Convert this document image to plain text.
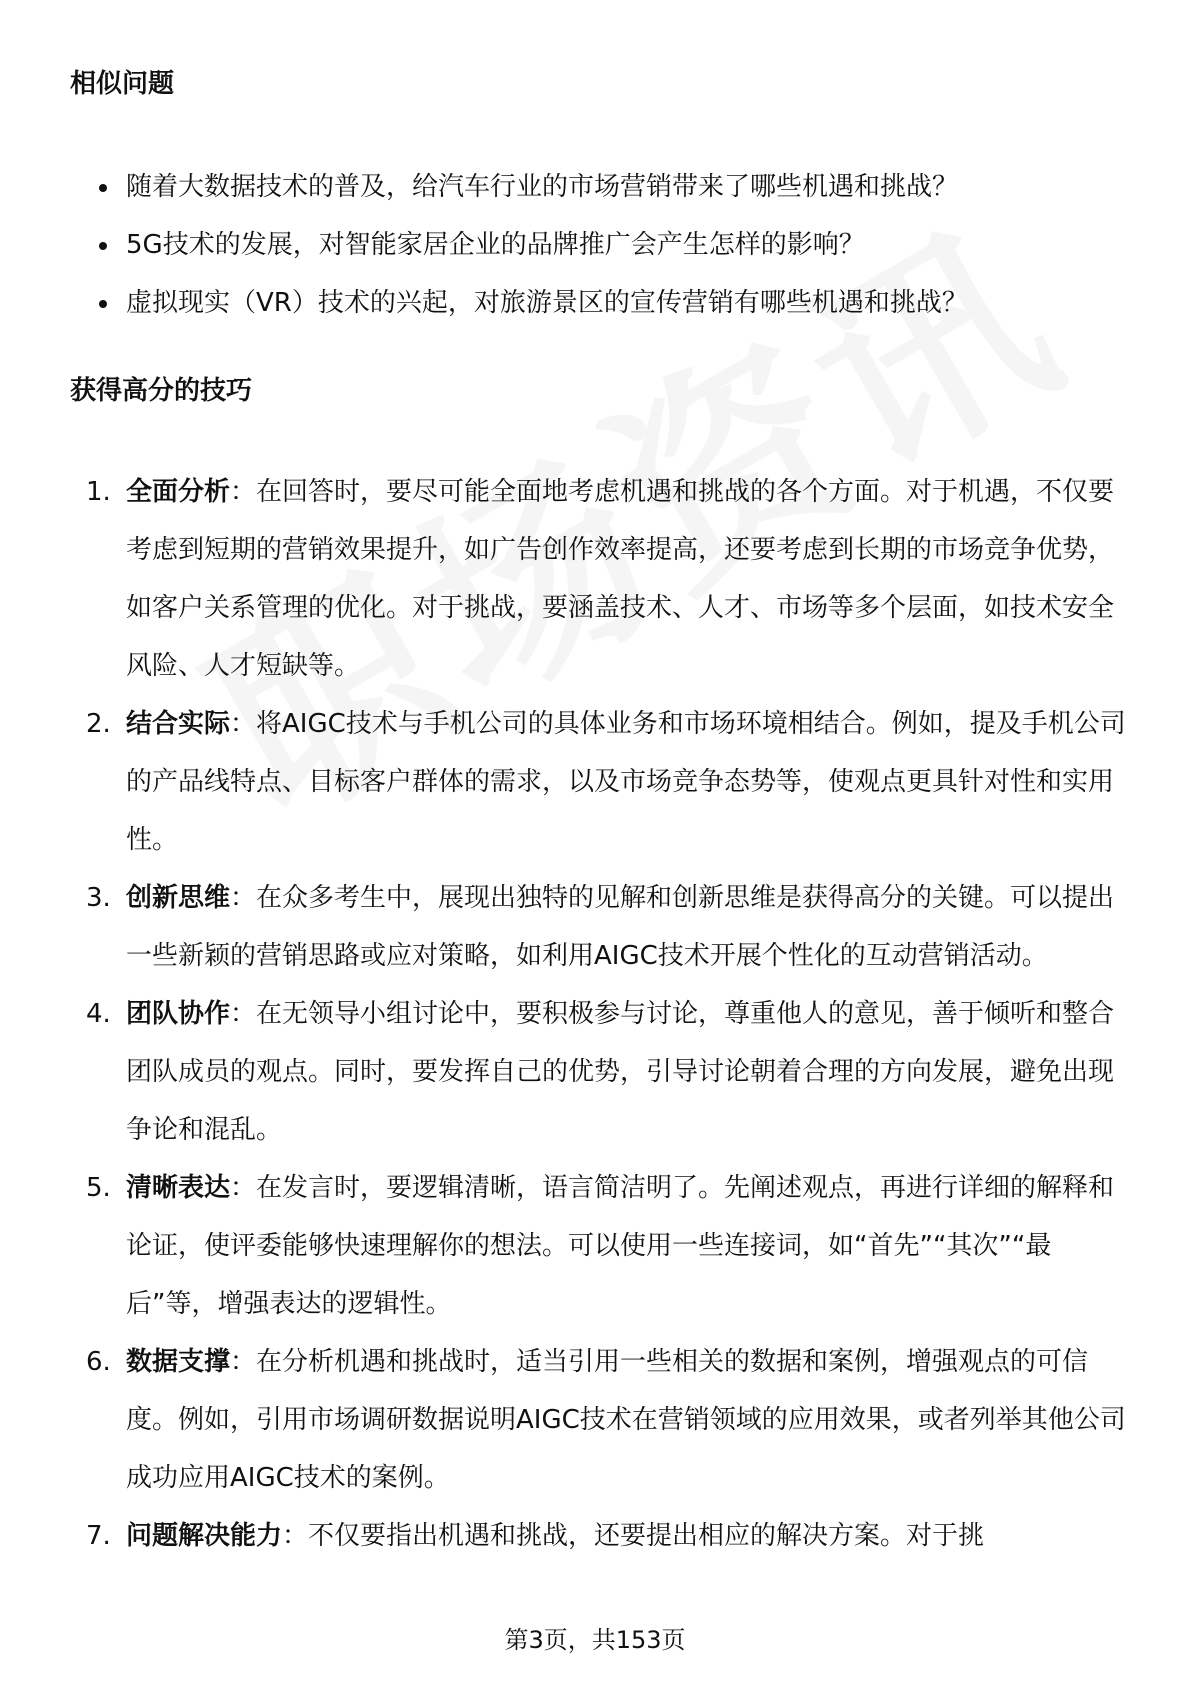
相似问题
随着大数据技术的普及，给汽车行业的市场营销带来了哪些机遇和挑战？
5G技术的发展，对智能家居企业的品牌推广会产生怎样的影响？
虚拟现实（VR）技术的兴起，对旅游景区的宣传营销有哪些机遇和挑战？
获得高分的技巧
1. 全面分析：在回答时，要尽可能全面地考虑机遇和挑战的各个方面。对于机遇，不仅要考虑到短期的营销效果提升，如广告创作效率提高，还要考虑到长期的市场竞争优势，如客户关系管理的优化。对于挑战，要涵盖技术、人才、市场等多个层面，如技术安全风险、人才短缺等。
2. 结合实际：将AIGC技术与手机公司的具体业务和市场环境相结合。例如，提及手机公司的产品线特点、目标客户群体的需求，以及市场竞争态势等，使观点更具针对性和实用性。
3. 创新思维：在众多考生中，展现出独特的见解和创新思维是获得高分的关键。可以提出一些新颖的营销思路或应对策略，如利用AIGC技术开展个性化的互动营销活动。
4. 团队协作：在无领导小组讨论中，要积极参与讨论，尊重他人的意见，善于倾听和整合团队成员的观点。同时，要发挥自己的优势，引导讨论朝着合理的方向发展，避免出现争论和混乱。
5. 清晰表达：在发言时，要逻辑清晰，语言简洁明了。先阐述观点，再进行详细的解释和论证，使评委能够快速理解你的想法。可以使用一些连接词，如“首先”“其次”“最后”等，增强表达的逻辑性。
6. 数据支撑：在分析机遇和挑战时，适当引用一些相关的数据和案例，增强观点的可信度。例如，引用市场调研数据说明AIGC技术在营销领域的应用效果，或者列举其他公司成功应用AIGC技术的案例。
7. 问题解决能力：不仅要指出机遇和挑战，还要提出相应的解决方案。对于挑
第3页，共153页
